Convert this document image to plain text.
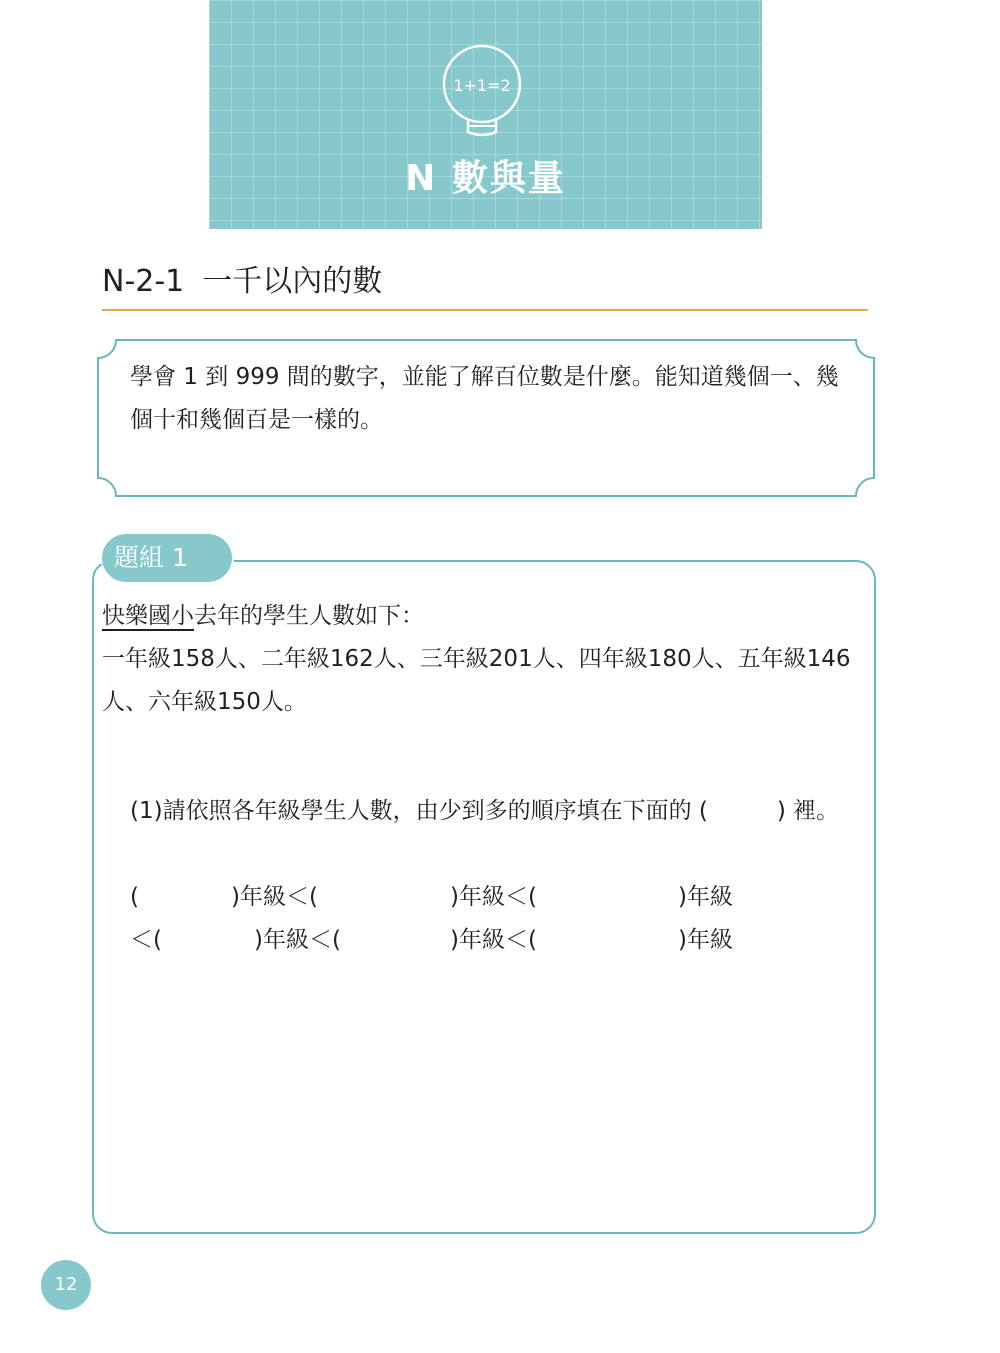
1+1=2
N 數與量
N-2-1 一千以內的數
學會 1 到 999 間的數字，並能了解百位數是什麼。能知道幾個一、幾個十和幾個百是一樣的。
題組 1
快樂國小去年的學生人數如下：
一年級158人、二年級162人、三年級201人、四年級180人、五年級146人、六年級150人。
(1)請依照各年級學生人數，由少到多的順序填在下面的 (　　　) 裡。
(　　　　)年級＜(	　　　　)年級＜(	　　　　)年級
＜(　　　　)年級＜( 　　　　)年級＜(	　　　　)年級
12
